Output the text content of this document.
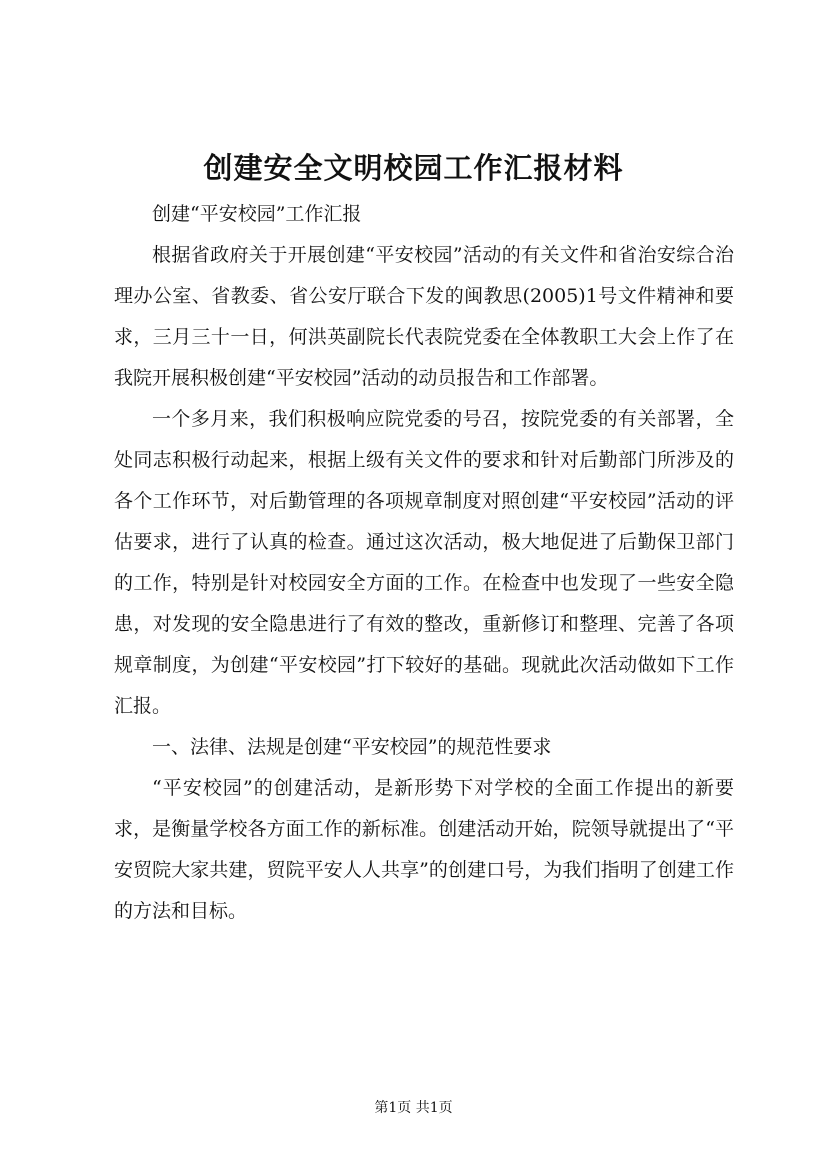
创建安全文明校园工作汇报材料

创建“平安校园”工作汇报

根据省政府关于开展创建“平安校园”活动的有关文件和省治安综合治理办公室、省教委、省公安厅联合下发的闽教思(2005)1号文件精神和要求，三月三十一日，何洪英副院长代表院党委在全体教职工大会上作了在我院开展积极创建“平安校园”活动的动员报告和工作部署。

一个多月来，我们积极响应院党委的号召，按院党委的有关部署，全处同志积极行动起来，根据上级有关文件的要求和针对后勤部门所涉及的各个工作环节，对后勤管理的各项规章制度对照创建“平安校园”活动的评估要求，进行了认真的检查。通过这次活动，极大地促进了后勤保卫部门的工作，特别是针对校园安全方面的工作。在检查中也发现了一些安全隐患，对发现的安全隐患进行了有效的整改，重新修订和整理、完善了各项规章制度，为创建“平安校园”打下较好的基础。现就此次活动做如下工作汇报。

一、法律、法规是创建“平安校园”的规范性要求

“平安校园”的创建活动，是新形势下对学校的全面工作提出的新要求，是衡量学校各方面工作的新标准。创建活动开始，院领导就提出了“平安贸院大家共建，贸院平安人人共享”的创建口号，为我们指明了创建工作的方法和目标。

第1页 共1页
